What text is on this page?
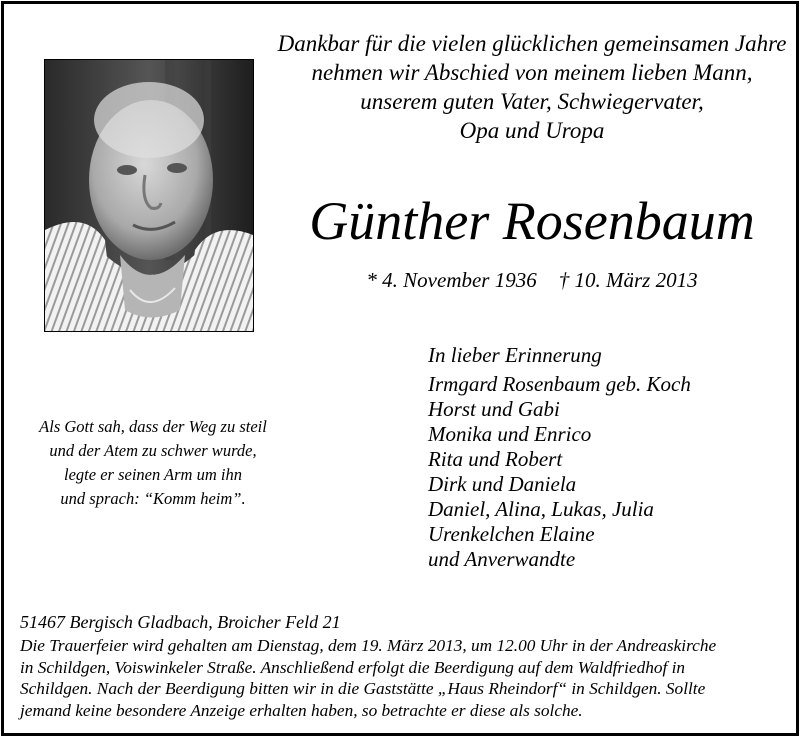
Dankbar für die vielen glücklichen gemeinsamen Jahre
nehmen wir Abschied von meinem lieben Mann,
unserem guten Vater, Schwiegervater,
Opa und Uropa
Günther Rosenbaum
* 4. November 1936 † 10. März 2013
Als Gott sah, dass der Weg zu steil
und der Atem zu schwer wurde,
legte er seinen Arm um ihn
und sprach: “Komm heim”.
In lieber Erinnerung
Irmgard Rosenbaum geb. Koch
Horst und Gabi
Monika und Enrico
Rita und Robert
Dirk und Daniela
Daniel, Alina, Lukas, Julia
Urenkelchen Elaine
und Anverwandte
51467 Bergisch Gladbach, Broicher Feld 21
Die Trauerfeier wird gehalten am Dienstag, dem 19. März 2013, um 12.00 Uhr in der Andreaskirche
in Schildgen, Voiswinkeler Straße. Anschließend erfolgt die Beerdigung auf dem Waldfriedhof in
Schildgen. Nach der Beerdigung bitten wir in die Gaststätte „Haus Rheindorf“ in Schildgen. Sollte
jemand keine besondere Anzeige erhalten haben, so betrachte er diese als solche.
